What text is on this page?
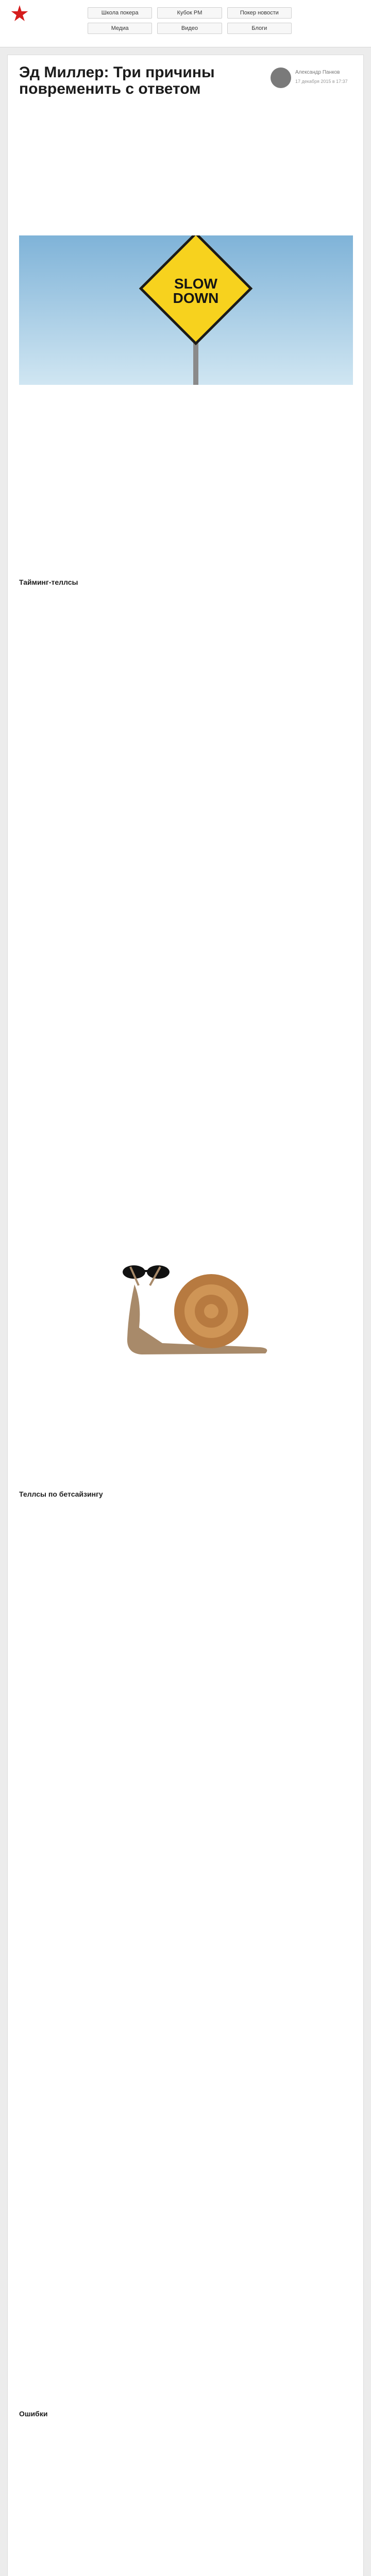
Школа покера	Кубок PM	Покер новости
Медиа	Видео	Блоги
Эд Миллер: Три причины повременить с ответом
Александр Панков
17 декабря 2015 в 17:37
SLOW
DOWN
Тайминг-теллсы
Теллсы по бетсайзингу
Ошибки
